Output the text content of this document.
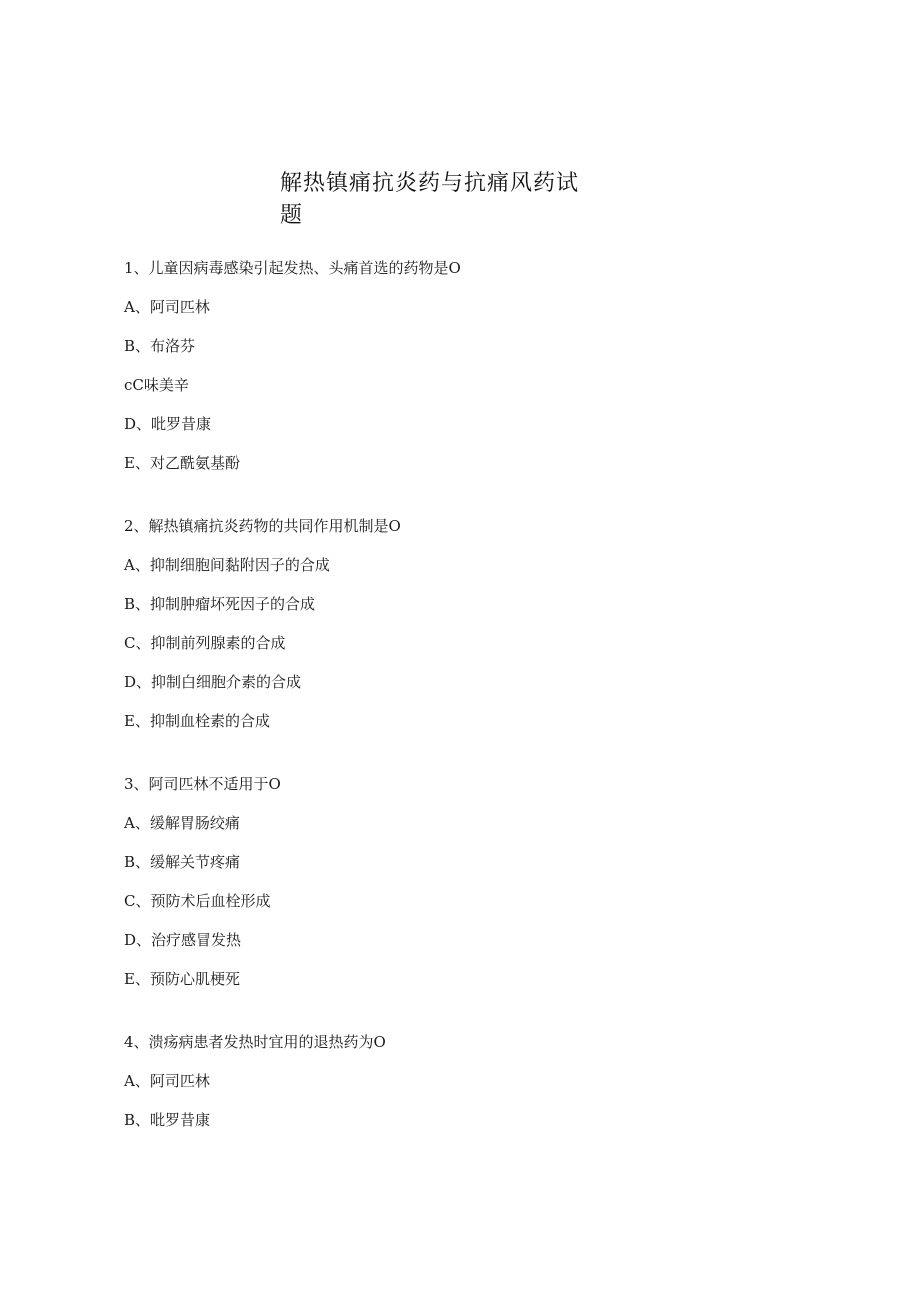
解热镇痛抗炎药与抗痛风药试题
1、儿童因病毒感染引起发热、头痛首选的药物是O
A、阿司匹林
B、布洛芬
cC味美辛
D、吡罗昔康
E、对乙酰氨基酚
2、解热镇痛抗炎药物的共同作用机制是O
A、抑制细胞间黏附因子的合成
B、抑制肿瘤坏死因子的合成
C、抑制前列腺素的合成
D、抑制白细胞介素的合成
E、抑制血栓素的合成
3、阿司匹林不适用于O
A、缓解胃肠绞痛
B、缓解关节疼痛
C、预防术后血栓形成
D、治疗感冒发热
E、预防心肌梗死
4、溃疡病患者发热时宜用的退热药为O
A、阿司匹林
B、吡罗昔康
